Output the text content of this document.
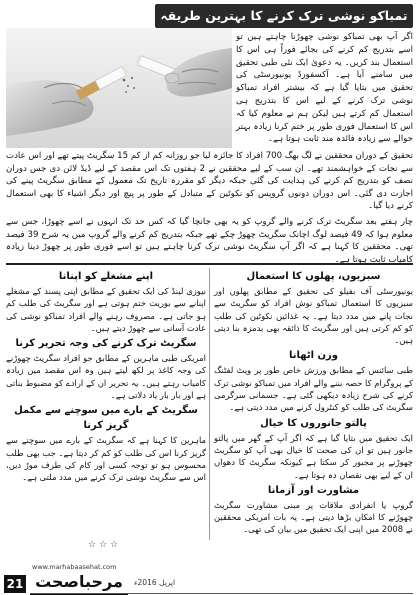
تمباکو نوشی ترک کرنے کا بہترین طریقہ

اگر آپ بھی تمباکو نوشی چھوڑنا چاہتے ہیں تو اسے بتدریج کم کرنے کی بجائے فوراً ہی اس کا استعمال بند کریں۔ یہ دعویٰ ایک نئی طبی تحقیق میں سامنے آیا ہے۔ آکسفورڈ یونیورسٹی کی تحقیق میں بتایا گیا ہے کہ بیشتر افراد تمباکو نوشی ترک کرنے کے لیے اس کا بتدریج ہی استعمال کم کرتے ہیں لیکن ہم نے معلوم کیا کہ اس کا استعمال فوری طور پر ختم کرنا زیادہ بہتر حوالے سے زیادہ فائدہ مند ثابت ہوتا ہے۔

تحقیق کے دوران محققین نے لگ بھگ 700 افراد کا جائزہ لیا جو روزانہ کم از کم 15 سگریٹ پیتے تھے اور اس عادت سے نجات کے خواہشمند تھے۔ ان سب کے لیے محققین نے 2 ہفتوں تک اس مقصد کے لیے ڈیڈ لائن دی جس دوران نصف کو بتدریج کم کرنے کی ہدایت کی گئی جبکہ دیگر کو مقررہ تاریخ تک معمول کے مطابق سگریٹ پینے کی اجازت دی گئی۔ اس دوران دونوں گروپس کو نکوٹین کے متبادل کے طور پر پیچ اور دیگر اشیاء کا بھی استعمال کرنے دیا گیا۔

چار ہفتے بعد سگریٹ ترک کرنے والے گروپ کو یہ بھی جانچا گیا کہ کس حد تک انہوں نے اسے چھوڑا، جس سے معلوم ہوا کہ 49 فیصد لوگ اچانک سگریٹ چھوڑ چکے تھے جبکہ بتدریج کم کرنے والے گروپ میں یہ شرح 39 فیصد تھی۔ محققین کا کہنا ہے کہ اگر آپ سگریٹ نوشی ترک کرنا چاہتے ہیں تو اسے فوری طور پر چھوڑ دینا زیادہ کامیاب ثابت ہوتا ہے۔

سبزیوں، پھلوں کا استعمال

یونیورسٹی آف بفیلو کی تحقیق کے مطابق پھلوں اور سبزیوں کا استعمال تمباکو نوش افراد کو سگریٹ سے نجات پانے میں مدد دیتا ہے۔ یہ غذائیں نکوٹین کی طلب کو کم کرتی ہیں اور سگریٹ کا ذائقہ بھی بدمزہ بنا دیتی ہیں۔

وزن اٹھانا

طبی سائنس کے مطابق ورزش خاص طور پر ویٹ لفٹنگ کے پروگرام کا حصہ بننے والے افراد میں تمباکو نوشی ترک کرنے کی شرح زیادہ دیکھی گئی ہے۔ جسمانی سرگرمی سگریٹ کی طلب کو کنٹرول کرنے میں مدد دیتی ہے۔

پالتو جانوروں کا خیال

ایک تحقیق میں بتایا گیا ہے کہ اگر آپ کے گھر میں پالتو جانور ہیں تو ان کی صحت کا خیال بھی آپ کو سگریٹ چھوڑنے پر مجبور کر سکتا ہے کیونکہ سگریٹ کا دھواں ان کے لیے بھی نقصان دہ ہوتا ہے۔

مشاورت اور آزمانا

گروپ یا انفرادی ملاقات پر مبنی مشاورت سگریٹ چھوڑنے کا امکان بڑھا دیتی ہے۔ یہ بات امریکی محققین نے 2008 میں اپنی ایک تحقیق میں بیان کی تھی۔

اپنے مشغلے کو اپنانا

نیوزی لینڈ کی ایک تحقیق کے مطابق اپنی پسند کے مشغلے اپنانے سے بوریت ختم ہوتی ہے اور سگریٹ کی طلب کم ہو جاتی ہے۔ مصروف رہنے والے افراد تمباکو نوشی کی عادت آسانی سے چھوڑ دیتے ہیں۔

سگریٹ ترک کرنے کی وجہ تحریر کرنا

امریکی طبی ماہرین کے مطابق جو افراد سگریٹ چھوڑنے کی وجہ کاغذ پر لکھ لیتے ہیں وہ اس مقصد میں زیادہ کامیاب رہتے ہیں۔ یہ تحریر ان کے ارادے کو مضبوط بناتی ہے اور بار بار یاد دلاتی ہے۔

سگریٹ کے بارے میں سوچنے سے مکمل گریز کرنا

ماہرین کا کہنا ہے کہ سگریٹ کے بارے میں سوچنے سے گریز کرنا اس کی طلب کو کم کر دیتا ہے۔ جب بھی طلب محسوس ہو تو توجہ کسی اور کام کی طرف موڑ دیں، اس سے سگریٹ نوشی ترک کرنے میں مدد ملتی ہے۔

☆☆☆
21
www.marhabaasehat.com
مرحباصحت	اپریل 2016ء
